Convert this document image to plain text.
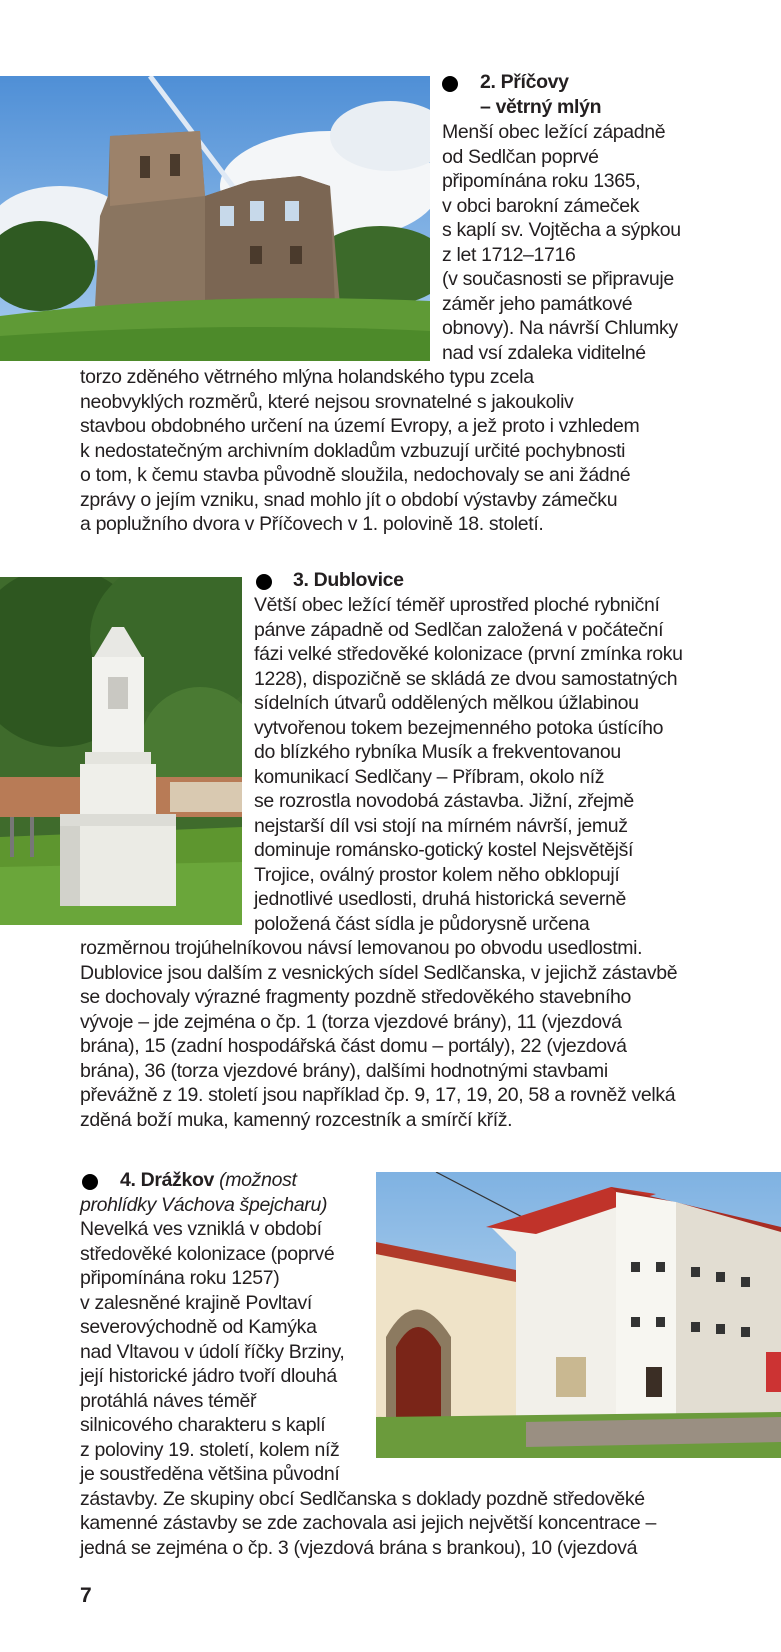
2. Příčovy
– větrný mlýn
Menší obec ležící západně
od Sedlčan poprvé
připomínána roku 1365,
v obci barokní zámeček
s kaplí sv. Vojtěcha a sýpkou
z let 1712–1716
(v současnosti se připravuje
záměr jeho památkové
obnovy). Na návrší Chlumky
nad vsí zdaleka viditelné
torzo zděného větrného mlýna holandského typu zcela
neobvyklých rozměrů, které nejsou srovnatelné s jakoukoliv
stavbou obdobného určení na území Evropy, a jež proto i vzhledem
k nedostatečným archivním dokladům vzbuzují určité pochybnosti
o tom, k čemu stavba původně sloužila, nedochovaly se ani žádné
zprávy o jejím vzniku, snad mohlo jít o období výstavby zámečku
a poplužního dvora v Příčovech v 1. polovině 18. století.
3. Dublovice
Větší obec ležící téměř uprostřed ploché rybniční
pánve západně od Sedlčan založená v počáteční
fázi velké středověké kolonizace (první zmínka roku
1228), dispozičně se skládá ze dvou samostatných
sídelních útvarů oddělených mělkou úžlabinou
vytvořenou tokem bezejmenného potoka ústícího
do blízkého rybníka Musík a frekventovanou
komunikací Sedlčany – Příbram, okolo níž
se rozrostla novodobá zástavba. Jižní, zřejmě
nejstarší díl vsi stojí na mírném návrší, jemuž
dominuje románsko-gotický kostel Nejsvětější
Trojice, oválný prostor kolem něho obklopují
jednotlivé usedlosti, druhá historická severně
položená část sídla je půdorysně určena
rozměrnou trojúhelníkovou návsí lemovanou po obvodu usedlostmi.
Dublovice jsou dalším z vesnických sídel Sedlčanska, v jejichž zástavbě
se dochovaly výrazné fragmenty pozdně středověkého stavebního
vývoje – jde zejména o čp. 1 (torza vjezdové brány), 11 (vjezdová
brána), 15 (zadní hospodářská část domu – portály), 22 (vjezdová
brána), 36 (torza vjezdové brány), dalšími hodnotnými stavbami
převážně z 19. století jsou například čp. 9, 17, 19, 20, 58 a rovněž velká
zděná boží muka, kamenný rozcestník a smírčí kříž.
4. Drážkov (možnost
prohlídky Váchova špejcharu)
Nevelká ves vzniklá v období
středověké kolonizace (poprvé
připomínána roku 1257)
v zalesněné krajině Povltaví
severovýchodně od Kamýka
nad Vltavou v údolí říčky Brziny,
její historické jádro tvoří dlouhá
protáhlá náves téměř
silnicového charakteru s kaplí
z poloviny 19. století, kolem níž
je soustředěna většina původní
zástavby. Ze skupiny obcí Sedlčanska s doklady pozdně středověké
kamenné zástavby se zde zachovala asi jejich největší koncentrace –
jedná se zejména o čp. 3 (vjezdová brána s brankou), 10 (vjezdová
7
